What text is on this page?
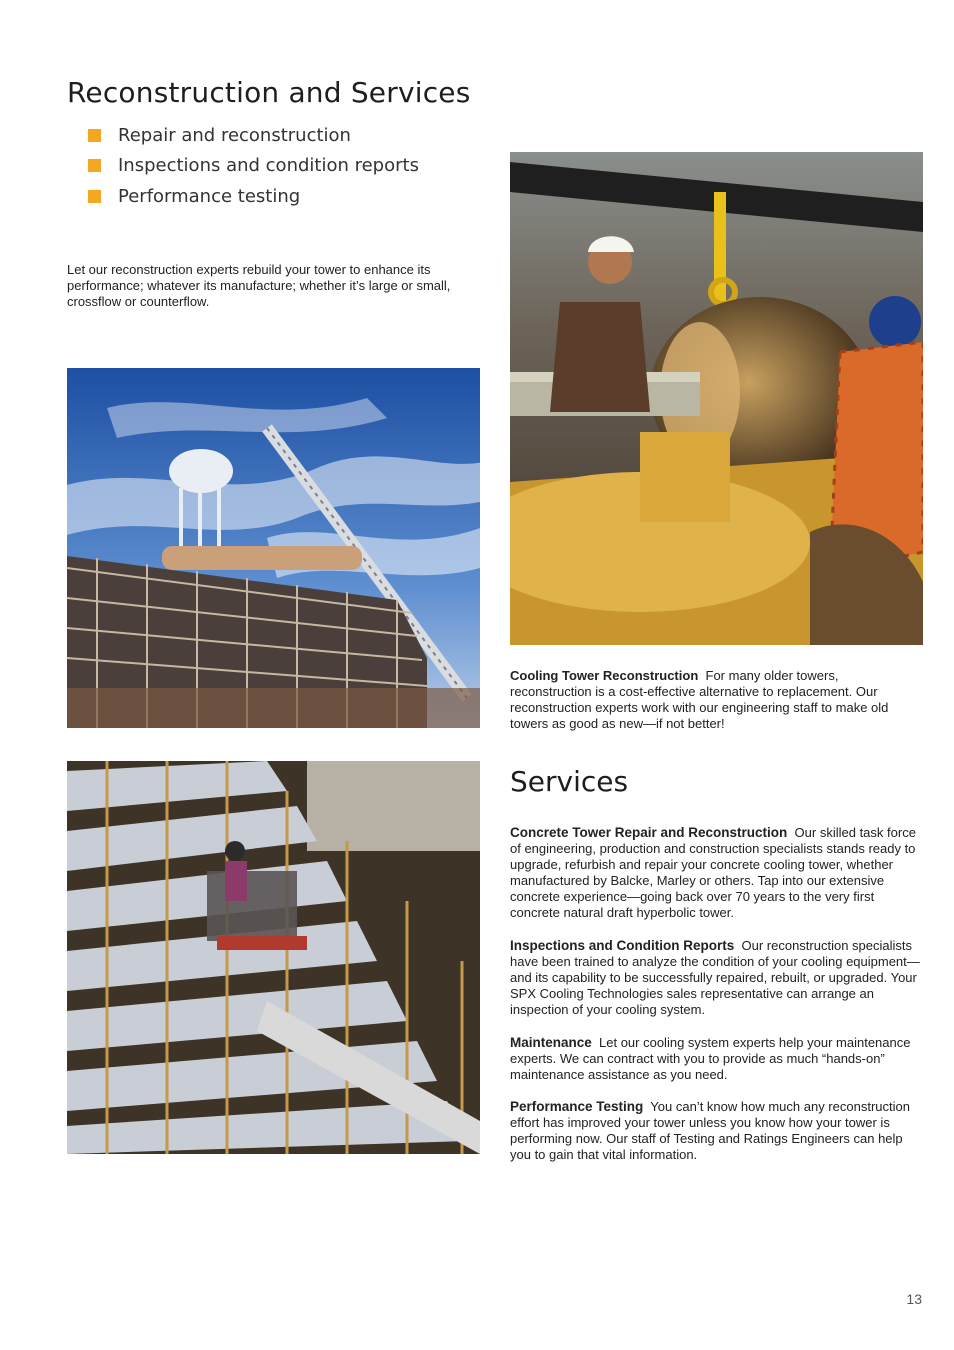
Reconstruction and Services
Repair and reconstruction
Inspections and condition reports
Performance testing

Let our reconstruction experts rebuild your tower to enhance its performance; whatever its manufacture; whether it’s large or small, crossflow or counterflow.

Cooling Tower Reconstruction For many older towers, reconstruction is a cost-effective alternative to replacement. Our reconstruction experts work with our engineering staff to make old towers as good as new—if not better!

Services

Concrete Tower Repair and Reconstruction Our skilled task force of engineering, production and construction specialists stands ready to upgrade, refurbish and repair your concrete cooling tower, whether manufactured by Balcke, Marley or others. Tap into our extensive concrete experience—going back over 70 years to the very first concrete natural draft hyperbolic tower.

Inspections and Condition Reports Our reconstruction specialists have been trained to analyze the condition of your cooling equipment—and its capability to be successfully repaired, rebuilt, or upgraded. Your SPX Cooling Technologies sales representative can arrange an inspection of your cooling system.

Maintenance Let our cooling system experts help your maintenance experts. We can contract with you to provide as much “hands-on” maintenance assistance as you need.

Performance Testing You can’t know how much any reconstruction effort has improved your tower unless you know how your tower is performing now. Our staff of Testing and Ratings Engineers can help you to gain that vital information.

13
